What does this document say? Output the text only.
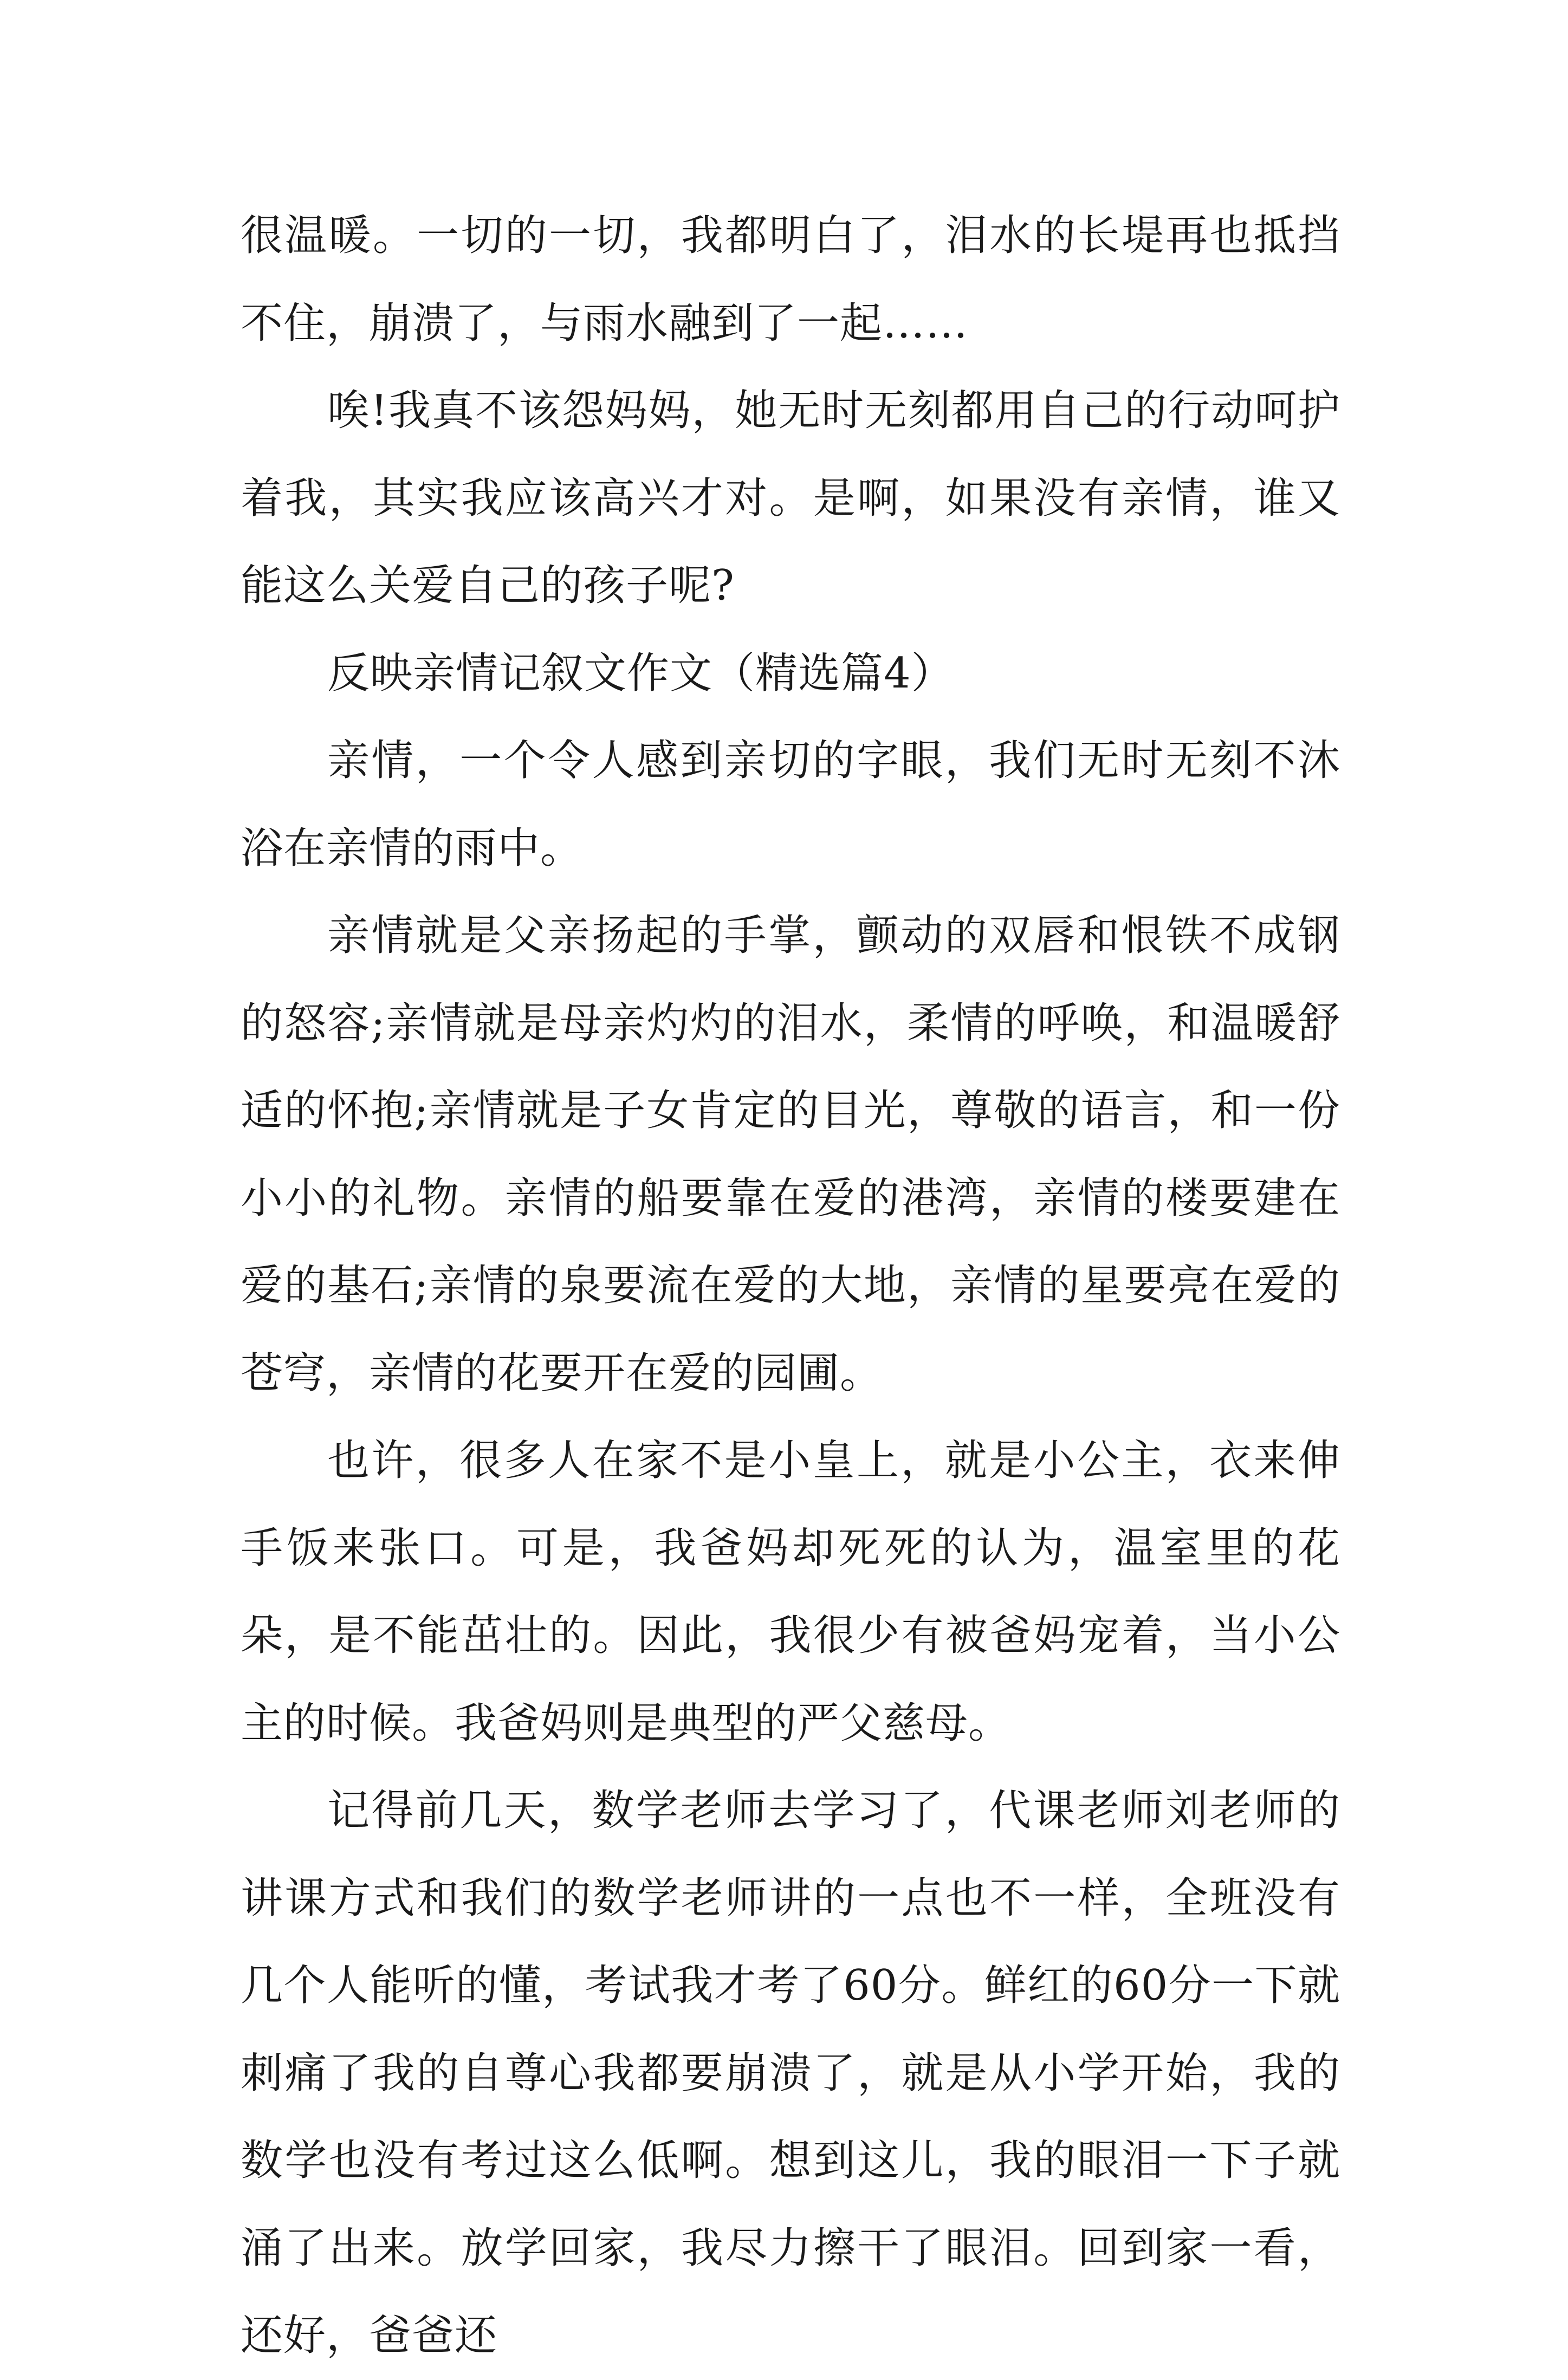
很温暖。一切的一切，我都明白了，泪水的长堤再也抵挡不住，崩溃了，与雨水融到了一起……

唉!我真不该怨妈妈，她无时无刻都用自己的行动呵护着我，其实我应该高兴才对。是啊，如果没有亲情，谁又能这么关爱自己的孩子呢?

反映亲情记叙文作文（精选篇4）

亲情，一个令人感到亲切的字眼，我们无时无刻不沐浴在亲情的雨中。

亲情就是父亲扬起的手掌，颤动的双唇和恨铁不成钢的怒容;亲情就是母亲灼灼的泪水，柔情的呼唤，和温暖舒适的怀抱;亲情就是子女肯定的目光，尊敬的语言，和一份小小的礼物。亲情的船要靠在爱的港湾，亲情的楼要建在爱的基石;亲情的泉要流在爱的大地，亲情的星要亮在爱的苍穹，亲情的花要开在爱的园圃。

也许，很多人在家不是小皇上，就是小公主，衣来伸手饭来张口。可是，我爸妈却死死的认为，温室里的花朵，是不能茁壮的。因此，我很少有被爸妈宠着，当小公主的时候。我爸妈则是典型的严父慈母。

记得前几天，数学老师去学习了，代课老师刘老师的讲课方式和我们的数学老师讲的一点也不一样，全班没有几个人能听的懂，考试我才考了60分。鲜红的60分一下就刺痛了我的自尊心我都要崩溃了，就是从小学开始，我的数学也没有考过这么低啊。想到这儿，我的眼泪一下子就涌了出来。放学回家，我尽力擦干了眼泪。回到家一看，还好，爸爸还
